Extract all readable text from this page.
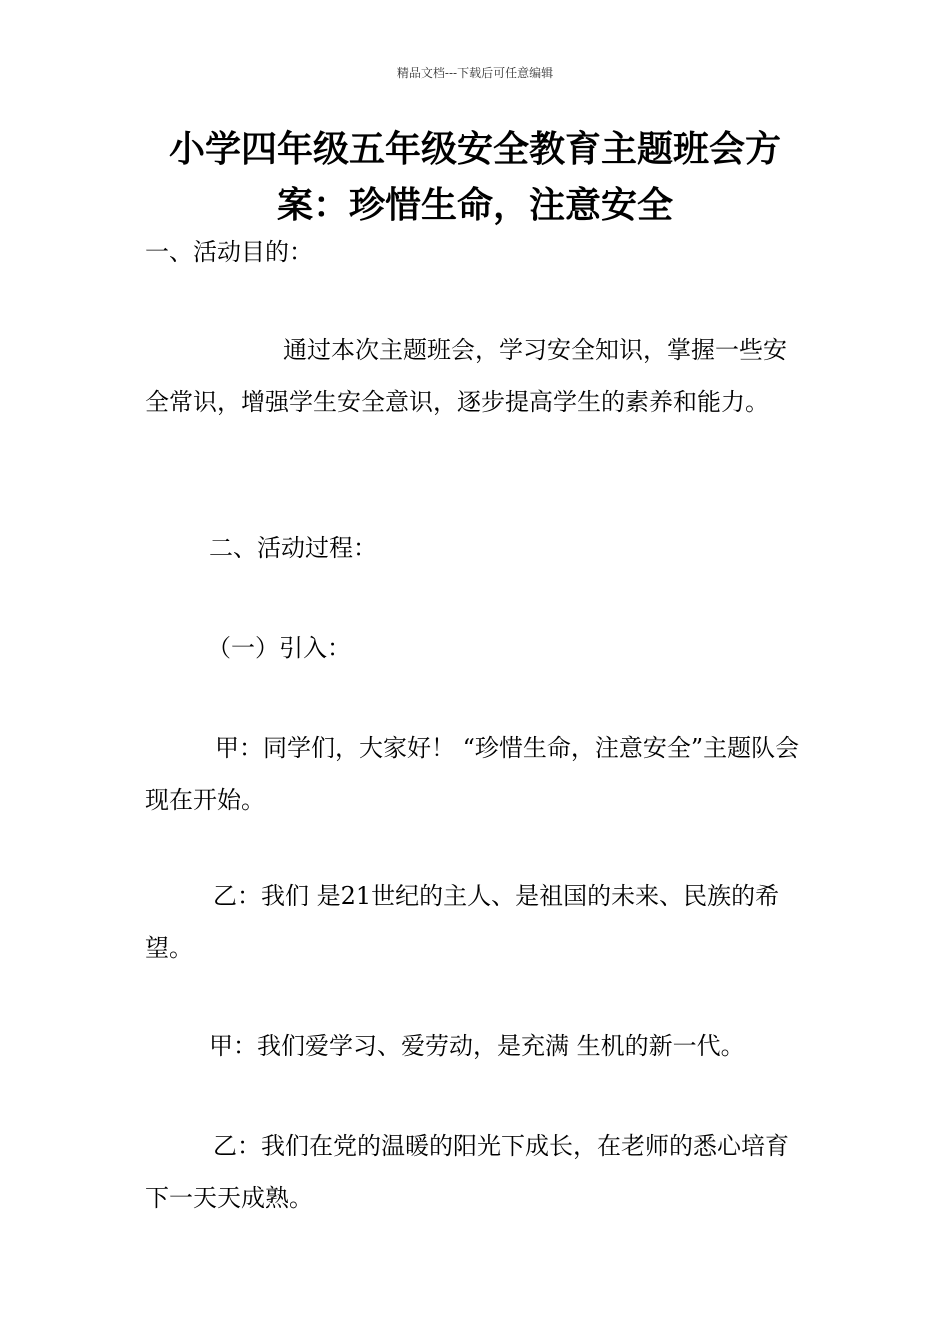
精品文档---下载后可任意编辑
小学四年级五年级安全教育主题班会方案：珍惜生命，注意安全

一、活动目的：

通过本次主题班会，学习安全知识，掌握一些安全常识，增强学生安全意识，逐步提高学生的素养和能力。

二、活动过程：

（一）引入：

甲：同学们，大家好！ “珍惜生命，注意安全”主题队会现在开始。

乙：我们 是21世纪的主人、是祖国的未来、民族的希望。

甲：我们爱学习、爱劳动，是充满 生机的新一代。

乙：我们在党的温暖的阳光下成长，在老师的悉心培育下一天天成熟。
